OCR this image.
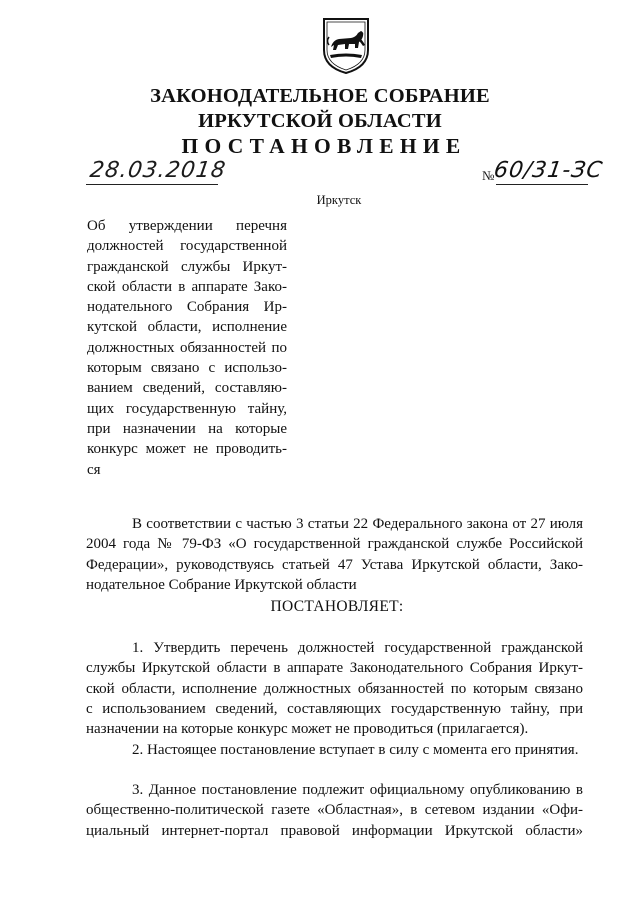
ЗАКОНОДАТЕЛЬНОЕ СОБРАНИЕ
ИРКУТСКОЙ ОБЛАСТИ
ПОСТАНОВЛЕНИЕ
28.03.2018	№60/31-ЗС
Иркутск
Об утверждении перечня
должностей государственной
гражданской службы Иркут-
ской области в аппарате Зако-
нодательного Собрания Ир-
кутской области, исполнение
должностных обязанностей по
которым связано с использо-
ванием сведений, составляю-
щих государственную тайну,
при назначении на которые
конкурс может не проводить-
ся
В соответствии с частью 3 статьи 22 Федерального закона от 27 июля
2004 года № 79-ФЗ «О государственной гражданской службе Российской
Федерации», руководствуясь статьей 47 Устава Иркутской области, Зако-
нодательное Собрание Иркутской области
ПОСТАНОВЛЯЕТ:
1. Утвердить перечень должностей государственной гражданской
службы Иркутской области в аппарате Законодательного Собрания Иркут-
ской области, исполнение должностных обязанностей по которым связано
с использованием сведений, составляющих государственную тайну, при
назначении на которые конкурс может не проводиться (прилагается).
2. Настоящее постановление вступает в силу с момента его принятия.
3. Данное постановление подлежит официальному опубликованию в
общественно-политической газете «Областная», в сетевом издании «Офи-
циальный интернет-портал правовой информации Иркутской области»
